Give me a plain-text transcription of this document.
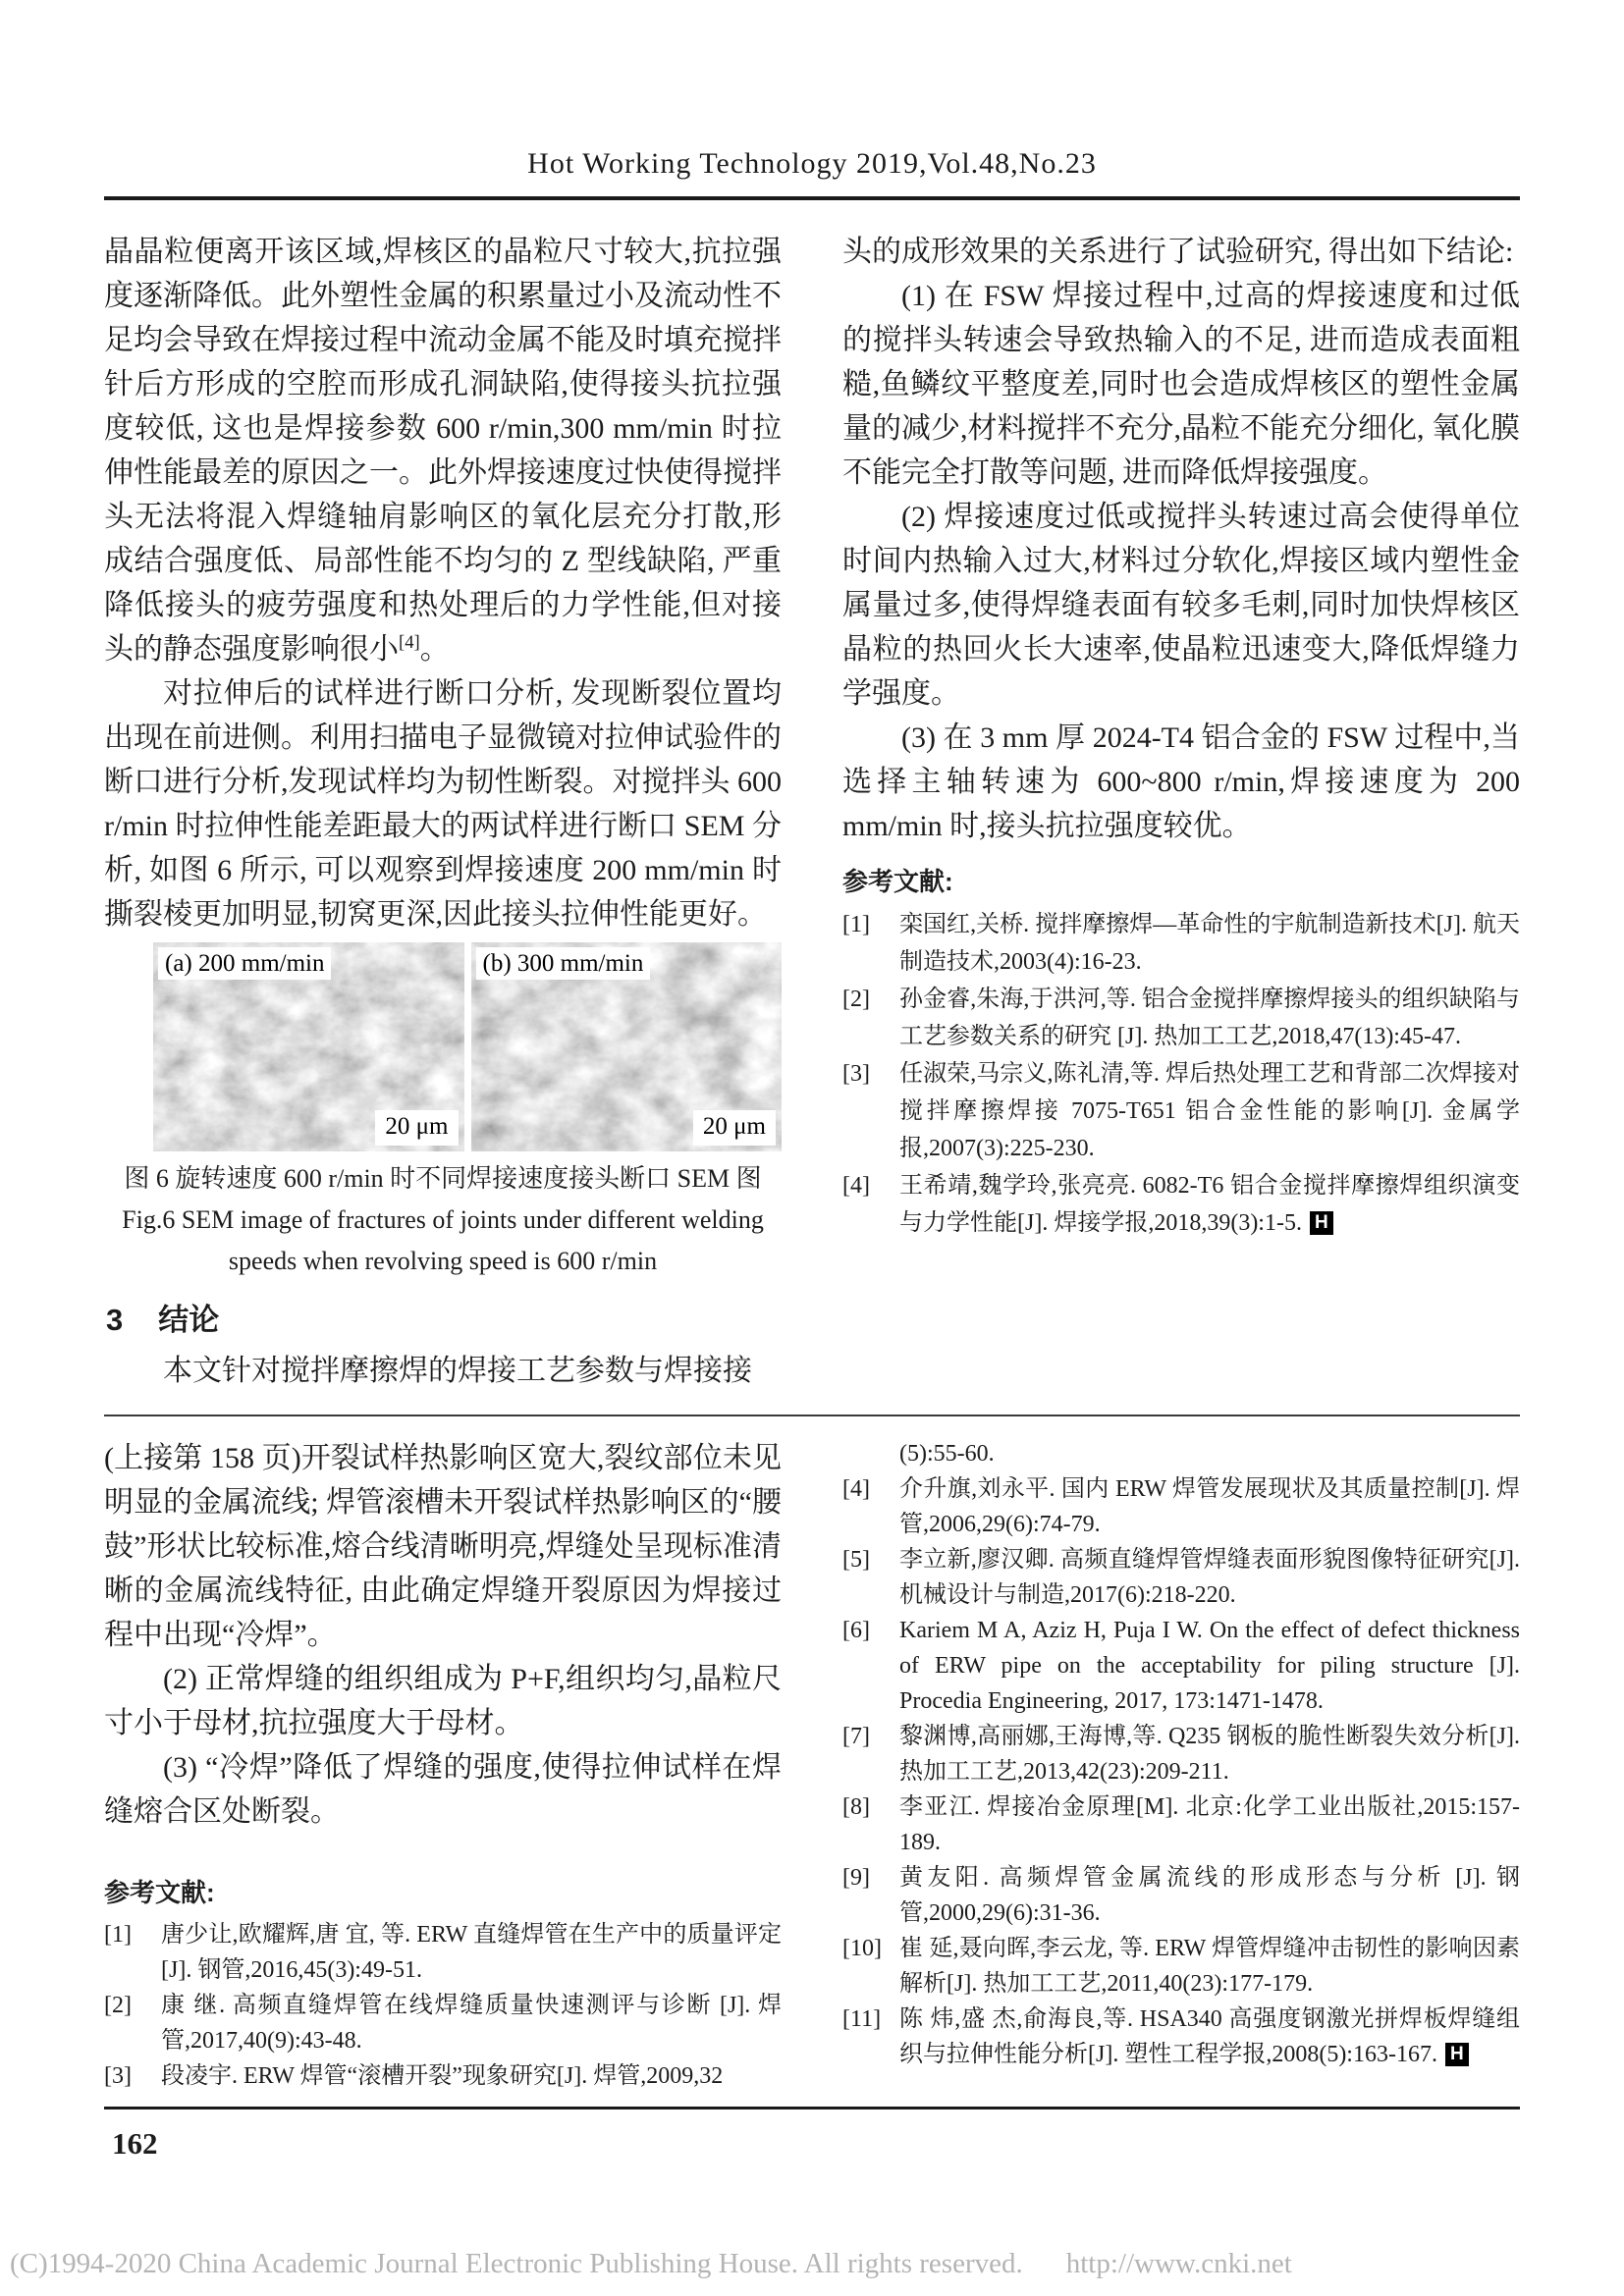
Hot Working Technology 2019,Vol.48,No.23

晶晶粒便离开该区域,焊核区的晶粒尺寸较大,抗拉强度逐渐降低。此外塑性金属的积累量过小及流动性不足均会导致在焊接过程中流动金属不能及时填充搅拌针后方形成的空腔而形成孔洞缺陷,使得接头抗拉强度较低, 这也是焊接参数 600 r/min,300 mm/min 时拉伸性能最差的原因之一。此外焊接速度过快使得搅拌头无法将混入焊缝轴肩影响区的氧化层充分打散,形成结合强度低、局部性能不均匀的 Z 型线缺陷, 严重降低接头的疲劳强度和热处理后的力学性能,但对接头的静态强度影响很小[4]。

对拉伸后的试样进行断口分析, 发现断裂位置均出现在前进侧。利用扫描电子显微镜对拉伸试验件的断口进行分析,发现试样均为韧性断裂。对搅拌头 600 r/min 时拉伸性能差距最大的两试样进行断口 SEM 分析, 如图 6 所示, 可以观察到焊接速度 200 mm/min 时撕裂棱更加明显,韧窝更深,因此接头拉伸性能更好。

(a) 200 mm/min
20 μm
(b) 300 mm/min
20 μm
图 6 旋转速度 600 r/min 时不同焊接速度接头断口 SEM 图
Fig.6 SEM image of fractures of joints under different welding
speeds when revolving speed is 600 r/min
3 结论

本文针对搅拌摩擦焊的焊接工艺参数与焊接接

头的成形效果的关系进行了试验研究, 得出如下结论:

(1) 在 FSW 焊接过程中,过高的焊接速度和过低的搅拌头转速会导致热输入的不足, 进而造成表面粗糙,鱼鳞纹平整度差,同时也会造成焊核区的塑性金属量的减少,材料搅拌不充分,晶粒不能充分细化, 氧化膜不能完全打散等问题, 进而降低焊接强度。

(2) 焊接速度过低或搅拌头转速过高会使得单位时间内热输入过大,材料过分软化,焊接区域内塑性金属量过多,使得焊缝表面有较多毛刺,同时加快焊核区晶粒的热回火长大速率,使晶粒迅速变大,降低焊缝力学强度。

(3) 在 3 mm 厚 2024-T4 铝合金的 FSW 过程中,当选择主轴转速为 600~800 r/min,焊接速度为 200 mm/min 时,接头抗拉强度较优。

参考文献:
[1]	栾国红,关桥. 搅拌摩擦焊—革命性的宇航制造新技术[J]. 航天制造技术,2003(4):16-23.
[2]	孙金睿,朱海,于洪河,等. 铝合金搅拌摩擦焊接头的组织缺陷与工艺参数关系的研究 [J]. 热加工工艺,2018,47(13):45-47.
[3]	任淑荣,马宗义,陈礼清,等. 焊后热处理工艺和背部二次焊接对搅拌摩擦焊接 7075-T651 铝合金性能的影响[J]. 金属学报,2007(3):225-230.
[4]	王希靖,魏学玲,张亮亮. 6082-T6 铝合金搅拌摩擦焊组织演变与力学性能[J]. 焊接学报,2018,39(3):1-5. H

(上接第 158 页)开裂试样热影响区宽大,裂纹部位未见明显的金属流线; 焊管滚槽未开裂试样热影响区的“腰鼓”形状比较标准,熔合线清晰明亮,焊缝处呈现标准清晰的金属流线特征, 由此确定焊缝开裂原因为焊接过程中出现“冷焊”。

(2) 正常焊缝的组织组成为 P+F,组织均匀,晶粒尺寸小于母材,抗拉强度大于母材。

(3) “冷焊”降低了焊缝的强度,使得拉伸试样在焊缝熔合区处断裂。

参考文献:
[1]	唐少让,欧耀辉,唐 宜, 等. ERW 直缝焊管在生产中的质量评定[J]. 钢管,2016,45(3):49-51.
[2]	康 继. 高频直缝焊管在线焊缝质量快速测评与诊断 [J]. 焊管,2017,40(9):43-48.
[3]	段凌宇. ERW 焊管“滚槽开裂”现象研究[J]. 焊管,2009,32
(5):55-60.
[4]	介升旗,刘永平. 国内 ERW 焊管发展现状及其质量控制[J]. 焊管,2006,29(6):74-79.
[5]	李立新,廖汉卿. 高频直缝焊管焊缝表面形貌图像特征研究[J]. 机械设计与制造,2017(6):218-220.
[6]	Kariem M A, Aziz H, Puja I W. On the effect of defect thickness of ERW pipe on the acceptability for piling structure [J]. Procedia Engineering, 2017, 173:1471-1478.
[7]	黎渊博,高丽娜,王海博,等. Q235 钢板的脆性断裂失效分析[J]. 热加工工艺,2013,42(23):209-211.
[8]	李亚江. 焊接冶金原理[M]. 北京:化学工业出版社,2015:157-189.
[9]	黄友阳. 高频焊管金属流线的形成形态与分析 [J]. 钢管,2000,29(6):31-36.
[10] 崔 延,聂向晖,李云龙, 等. ERW 焊管焊缝冲击韧性的影响因素解析[J]. 热加工工艺,2011,40(23):177-179.
[11] 陈 炜,盛 杰,俞海良,等. HSA340 高强度钢激光拼焊板焊缝组织与拉伸性能分析[J]. 塑性工程学报,2008(5):163-167. H
162
(C)1994-2020 China Academic Journal Electronic Publishing House. All rights reserved. http://www.cnki.net
